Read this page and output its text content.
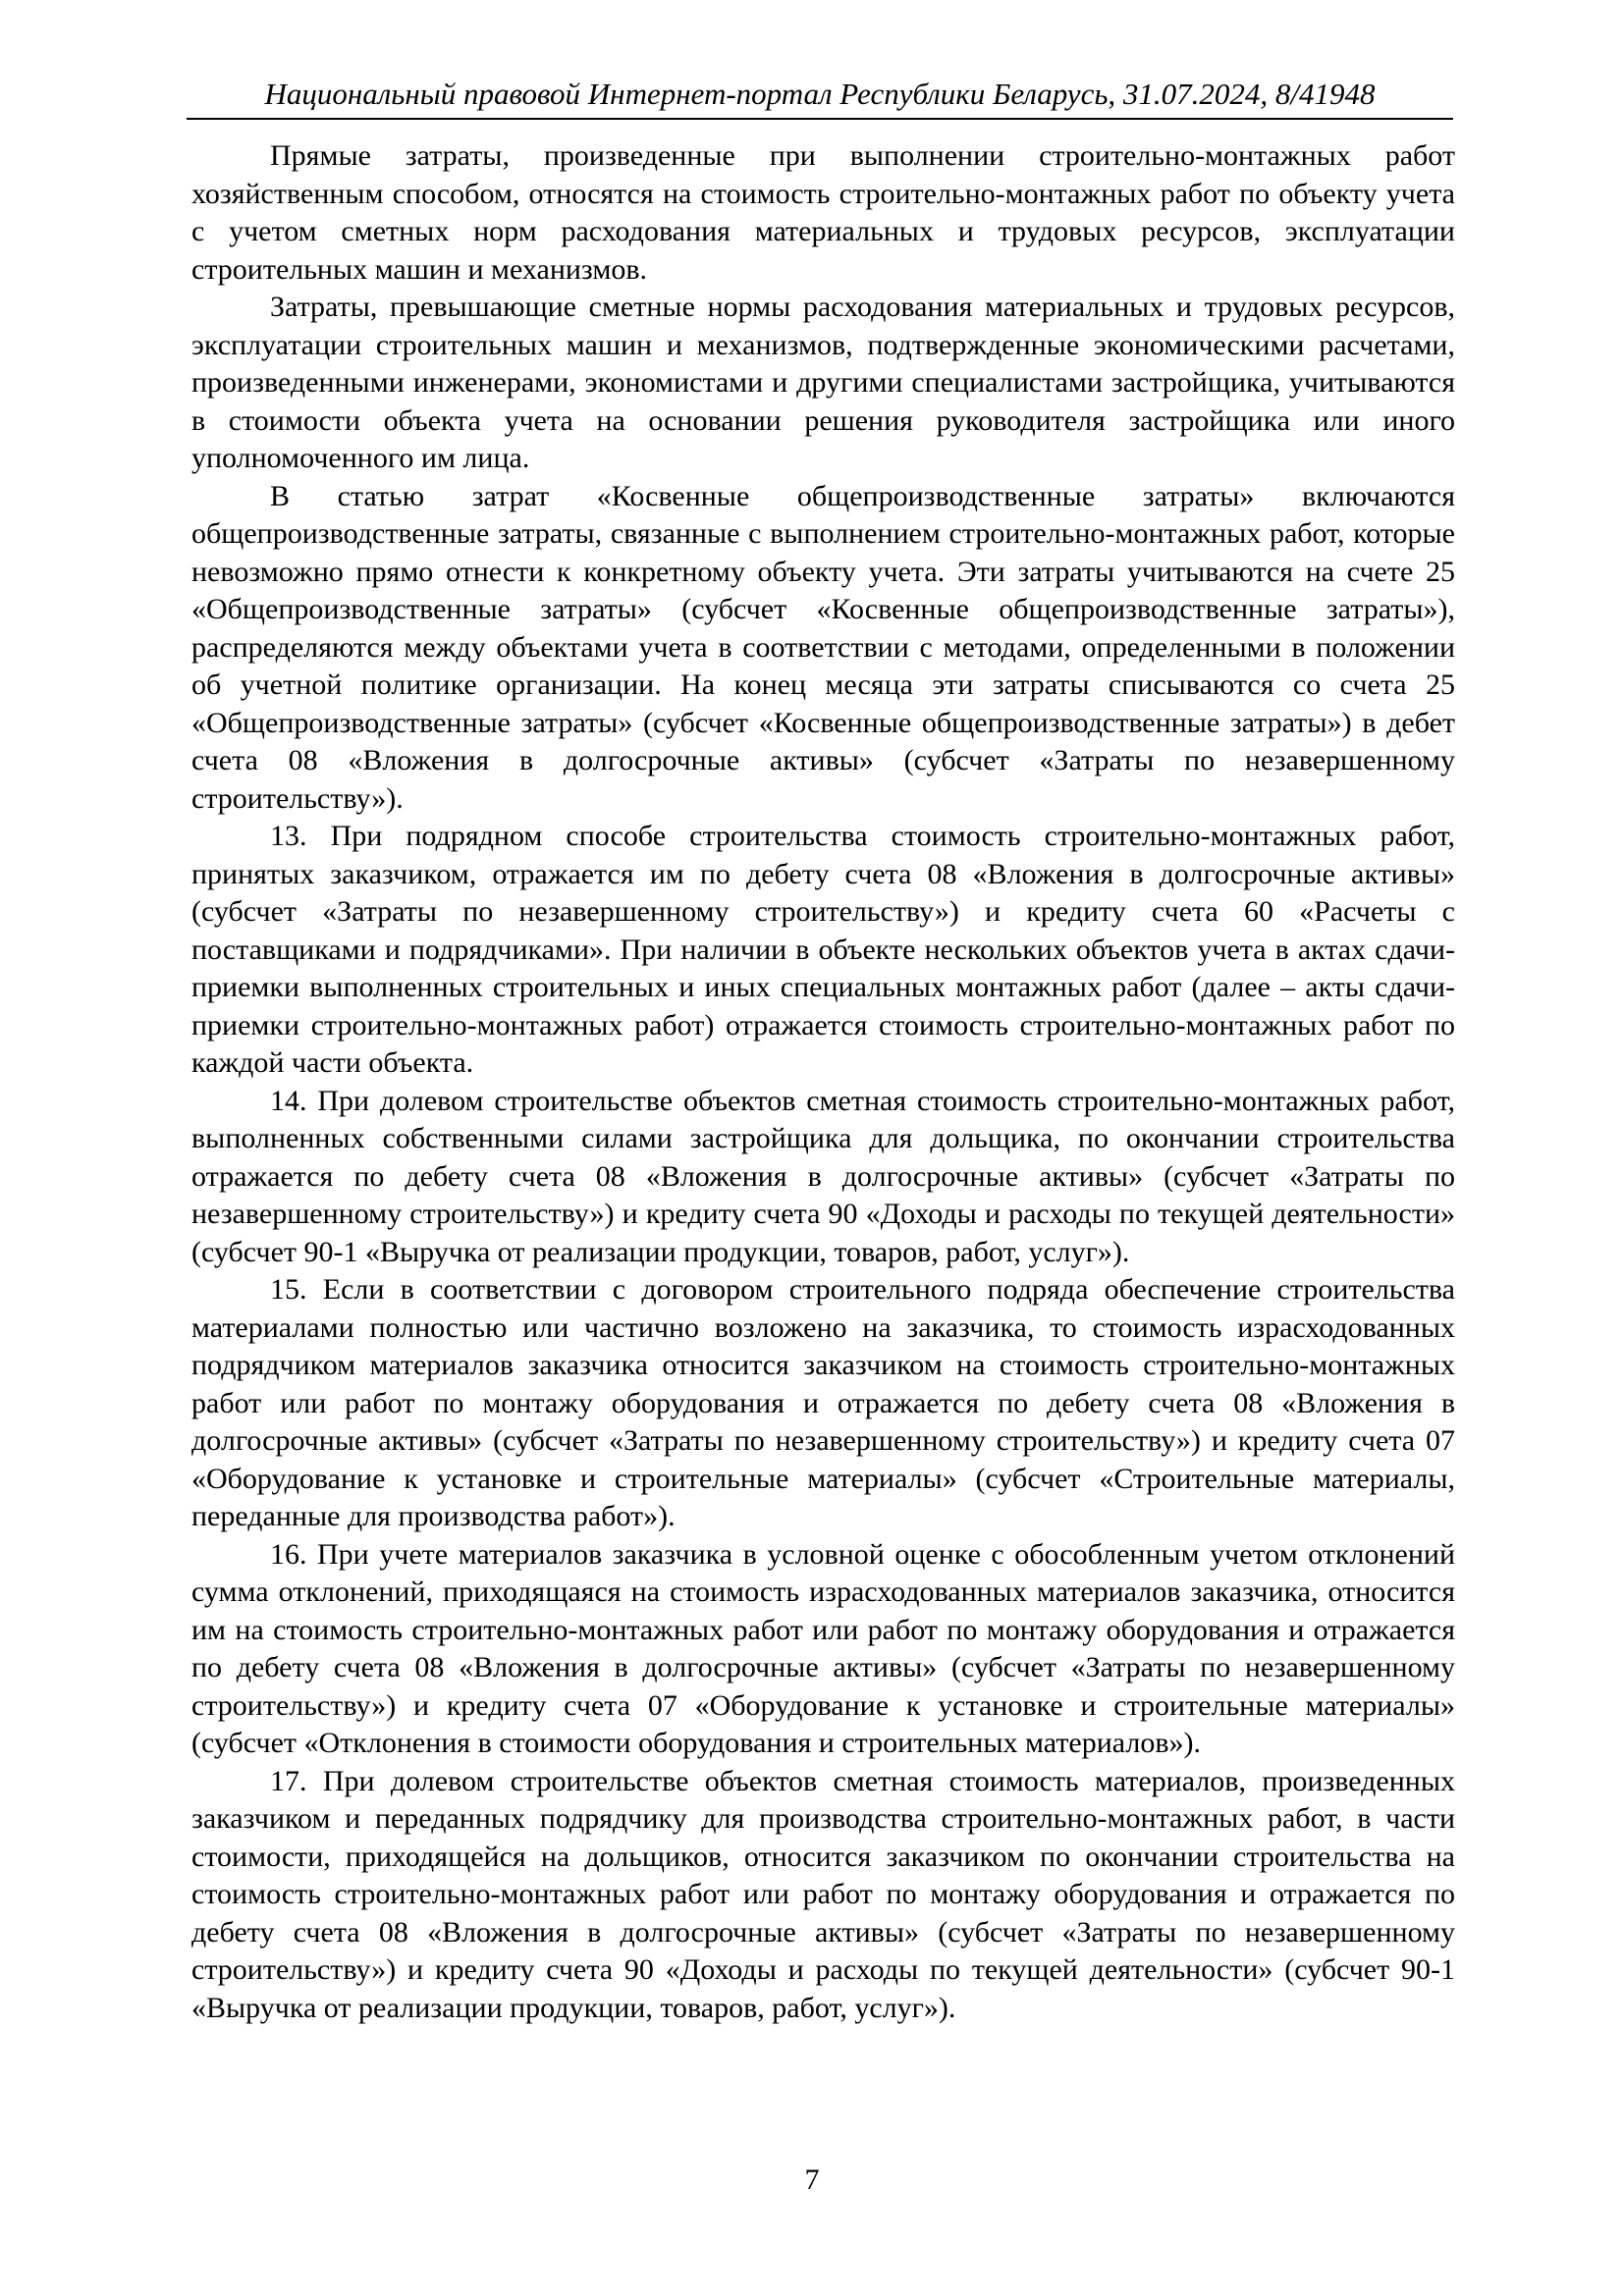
Национальный правовой Интернет-портал Республики Беларусь, 31.07.2024, 8/41948

Прямые затраты, произведенные при выполнении строительно-монтажных работ хозяйственным способом, относятся на стоимость строительно-монтажных работ по объекту учета с учетом сметных норм расходования материальных и трудовых ресурсов, эксплуатации строительных машин и механизмов.

Затраты, превышающие сметные нормы расходования материальных и трудовых ресурсов, эксплуатации строительных машин и механизмов, подтвержденные экономическими расчетами, произведенными инженерами, экономистами и другими специалистами застройщика, учитываются в стоимости объекта учета на основании решения руководителя застройщика или иного уполномоченного им лица.

В статью затрат «Косвенные общепроизводственные затраты» включаются общепроизводственные затраты, связанные с выполнением строительно-монтажных работ, которые невозможно прямо отнести к конкретному объекту учета. Эти затраты учитываются на счете 25 «Общепроизводственные затраты» (субсчет «Косвенные общепроизводственные затраты»), распределяются между объектами учета в соответствии с методами, определенными в положении об учетной политике организации. На конец месяца эти затраты списываются со счета 25 «Общепроизводственные затраты» (субсчет «Косвенные общепроизводственные затраты») в дебет счета 08 «Вложения в долгосрочные активы» (субсчет «Затраты по незавершенному строительству»).

13. При подрядном способе строительства стоимость строительно-монтажных работ, принятых заказчиком, отражается им по дебету счета 08 «Вложения в долгосрочные активы» (субсчет «Затраты по незавершенному строительству») и кредиту счета 60 «Расчеты с поставщиками и подрядчиками». При наличии в объекте нескольких объектов учета в актах сдачи-приемки выполненных строительных и иных специальных монтажных работ (далее – акты сдачи-приемки строительно-монтажных работ) отражается стоимость строительно-монтажных работ по каждой части объекта.

14. При долевом строительстве объектов сметная стоимость строительно-монтажных работ, выполненных собственными силами застройщика для дольщика, по окончании строительства отражается по дебету счета 08 «Вложения в долгосрочные активы» (субсчет «Затраты по незавершенному строительству») и кредиту счета 90 «Доходы и расходы по текущей деятельности» (субсчет 90-1 «Выручка от реализации продукции, товаров, работ, услуг»).

15. Если в соответствии с договором строительного подряда обеспечение строительства материалами полностью или частично возложено на заказчика, то стоимость израсходованных подрядчиком материалов заказчика относится заказчиком на стоимость строительно-монтажных работ или работ по монтажу оборудования и отражается по дебету счета 08 «Вложения в долгосрочные активы» (субсчет «Затраты по незавершенному строительству») и кредиту счета 07 «Оборудование к установке и строительные материалы» (субсчет «Строительные материалы, переданные для производства работ»).

16. При учете материалов заказчика в условной оценке с обособленным учетом отклонений сумма отклонений, приходящаяся на стоимость израсходованных материалов заказчика, относится им на стоимость строительно-монтажных работ или работ по монтажу оборудования и отражается по дебету счета 08 «Вложения в долгосрочные активы» (субсчет «Затраты по незавершенному строительству») и кредиту счета 07 «Оборудование к установке и строительные материалы» (субсчет «Отклонения в стоимости оборудования и строительных материалов»).

17. При долевом строительстве объектов сметная стоимость материалов, произведенных заказчиком и переданных подрядчику для производства строительно-монтажных работ, в части стоимости, приходящейся на дольщиков, относится заказчиком по окончании строительства на стоимость строительно-монтажных работ или работ по монтажу оборудования и отражается по дебету счета 08 «Вложения в долгосрочные активы» (субсчет «Затраты по незавершенному строительству») и кредиту счета 90 «Доходы и расходы по текущей деятельности» (субсчет 90-1 «Выручка от реализации продукции, товаров, работ, услуг»).

7
